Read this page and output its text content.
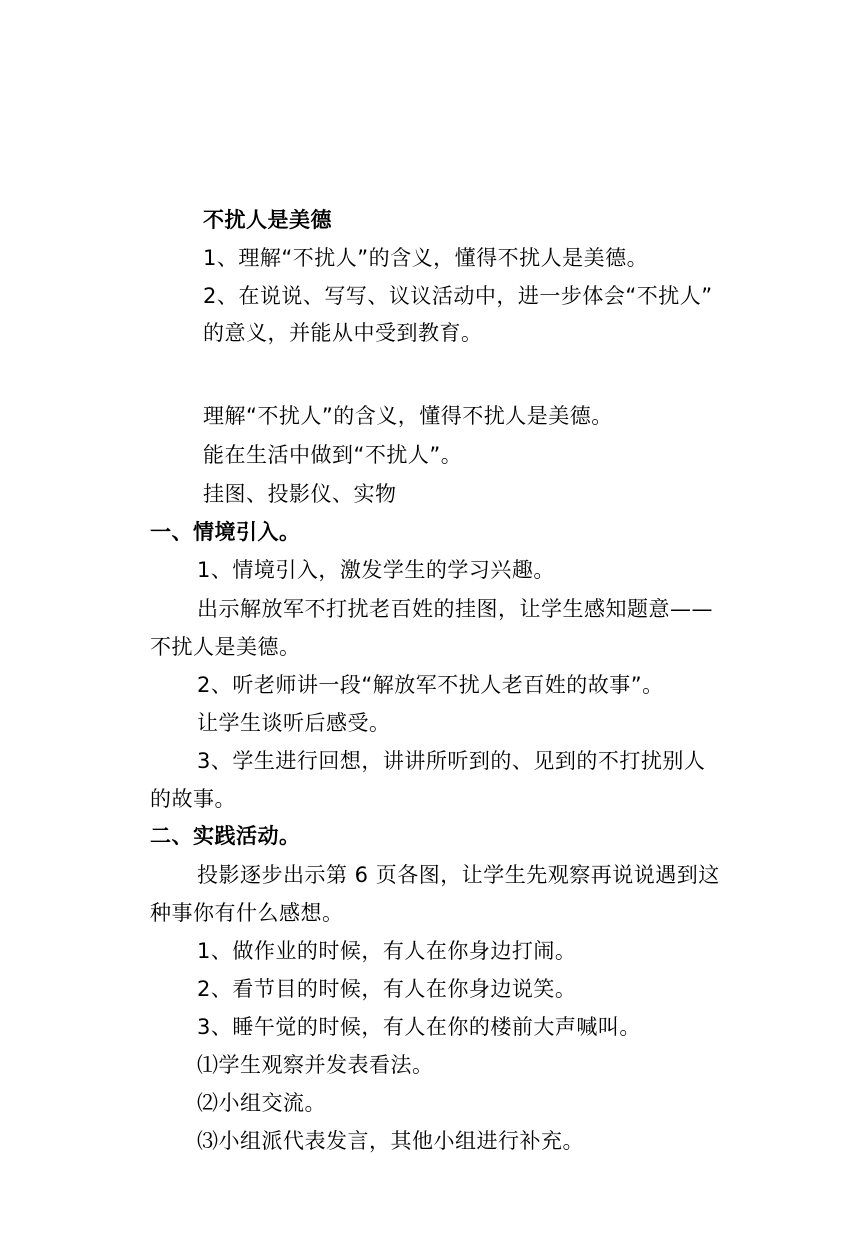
不扰人是美德
1、理解“不扰人”的含义，懂得不扰人是美德。
2、在说说、写写、议议活动中，进一步体会“不扰人”
的意义，并能从中受到教育。
理解“不扰人”的含义，懂得不扰人是美德。
能在生活中做到“不扰人”。
挂图、投影仪、实物
一、情境引入。
1、情境引入，激发学生的学习兴趣。
出示解放军不打扰老百姓的挂图，让学生感知题意——
不扰人是美德。
2、听老师讲一段“解放军不扰人老百姓的故事”。
让学生谈听后感受。
3、学生进行回想，讲讲所听到的、见到的不打扰别人
的故事。
二、实践活动。
投影逐步出示第 6 页各图，让学生先观察再说说遇到这
种事你有什么感想。
1、做作业的时候，有人在你身边打闹。
2、看节目的时候，有人在你身边说笑。
3、睡午觉的时候，有人在你的楼前大声喊叫。
⑴学生观察并发表看法。
⑵小组交流。
⑶小组派代表发言，其他小组进行补充。
